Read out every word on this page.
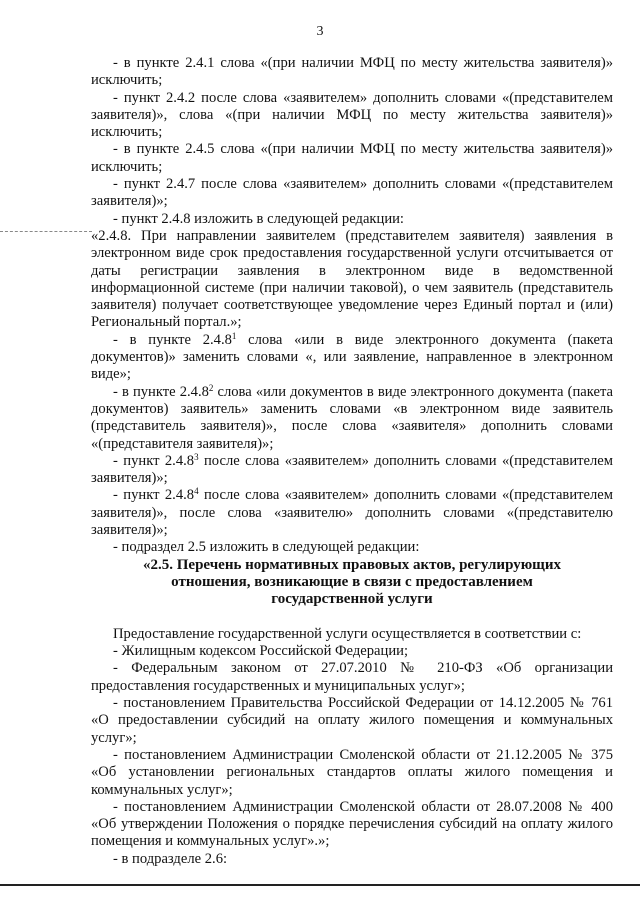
3

- в пункте 2.4.1 слова «(при наличии МФЦ по месту жительства заявителя)» исключить;

- пункт 2.4.2 после слова «заявителем» дополнить словами «(представителем заявителя)», слова «(при наличии МФЦ по месту жительства заявителя)» исключить;

- в пункте 2.4.5 слова «(при наличии МФЦ по месту жительства заявителя)» исключить;

- пункт 2.4.7 после слова «заявителем» дополнить словами «(представителем заявителя)»;

- пункт 2.4.8 изложить в следующей редакции:

«2.4.8. При направлении заявителем (представителем заявителя) заявления в электронном виде срок предоставления государственной услуги отсчитывается от даты регистрации заявления в электронном виде в ведомственной информационной системе (при наличии таковой), о чем заявитель (представитель заявителя) получает соответствующее уведомление через Единый портал и (или) Региональный портал.»;

- в пункте 2.4.8$^1$ слова «или в виде электронного документа (пакета документов)» заменить словами «, или заявление, направленное в электронном виде»;

- в пункте 2.4.8$^2$ слова «или документов в виде электронного документа (пакета документов) заявитель» заменить словами «в электронном виде заявитель (представитель заявителя)», после слова «заявителя» дополнить словами «(представителя заявителя)»;

- пункт 2.4.8$^3$ после слова «заявителем» дополнить словами «(представителем заявителя)»;

- пункт 2.4.8$^4$ после слова «заявителем» дополнить словами «(представителем заявителя)», после слова «заявителю» дополнить словами «(представителю заявителя)»;

- подраздел 2.5 изложить в следующей редакции:

«2.5. Перечень нормативных правовых актов, регулирующих
отношения, возникающие в связи с предоставлением
государственной услуги

Предоставление государственной услуги осуществляется в соответствии с:

- Жилищным кодексом Российской Федерации;

- Федеральным законом от 27.07.2010 № 210-ФЗ «Об организации предоставления государственных и муниципальных услуг»;

- постановлением Правительства Российской Федерации от 14.12.2005 № 761 «О предоставлении субсидий на оплату жилого помещения и коммунальных услуг»;

- постановлением Администрации Смоленской области от 21.12.2005 № 375 «Об установлении региональных стандартов оплаты жилого помещения и коммунальных услуг»;

- постановлением Администрации Смоленской области от 28.07.2008 № 400 «Об утверждении Положения о порядке перечисления субсидий на оплату жилого помещения и коммунальных услуг».»;

- в подразделе 2.6:
